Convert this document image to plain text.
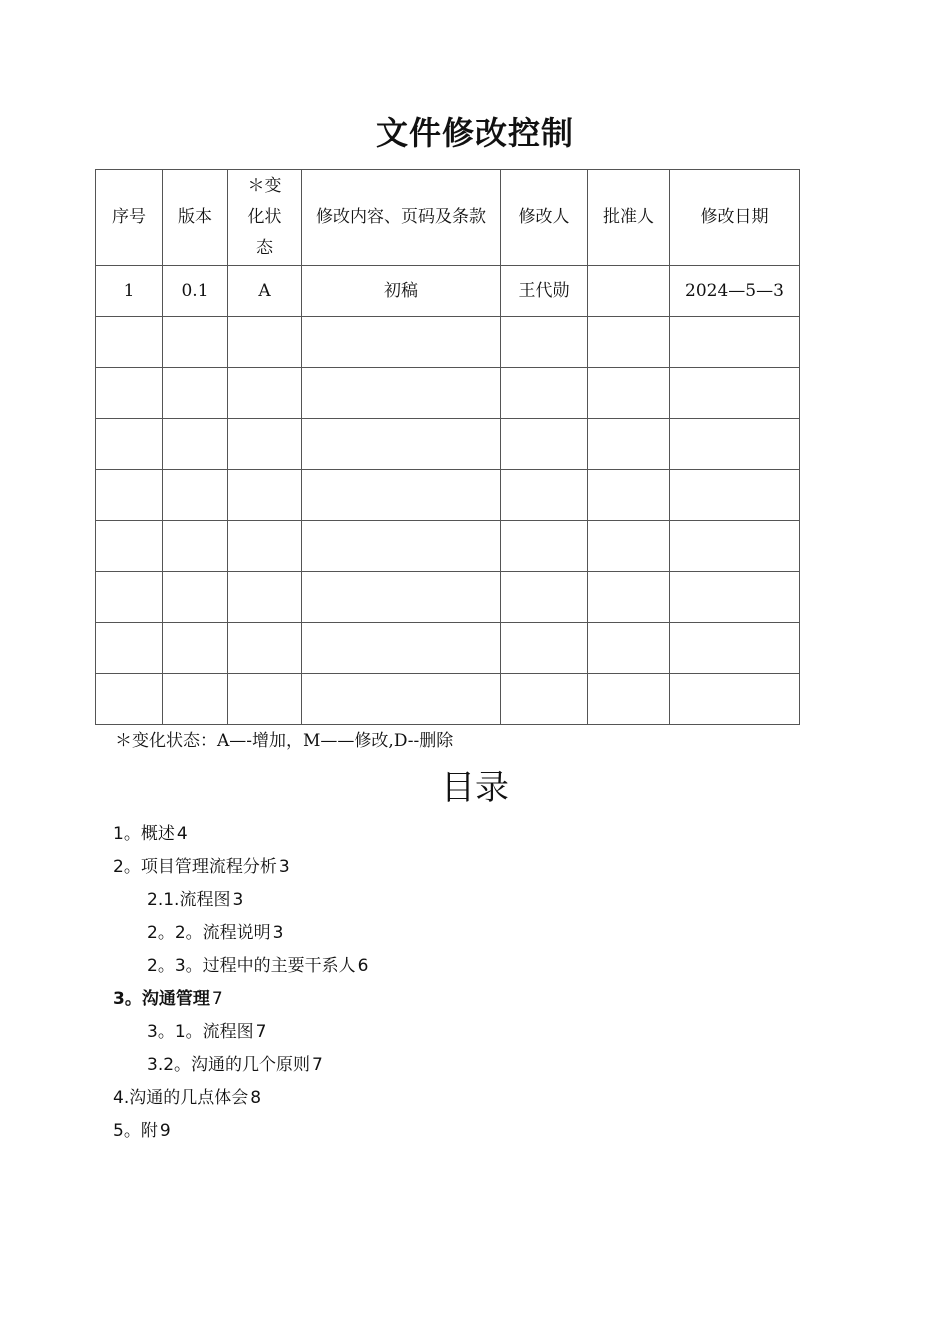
文件修改控制
序号	版本	＊变化状态	修改内容、页码及条款	修改人	批准人	修改日期
1	0.1	A	初稿	王代勋		2024—5—3

＊变化状态：A—-增加，M——修改,D--删除
目录
1。概述 4
2。项目管理流程分析 3
2.1.流程图 3
2。2。流程说明 3
2。3。过程中的主要干系人 6
3。沟通管理 7
3。1。流程图 7
3.2。沟通的几个原则 7
4.沟通的几点体会 8
5。附 9
